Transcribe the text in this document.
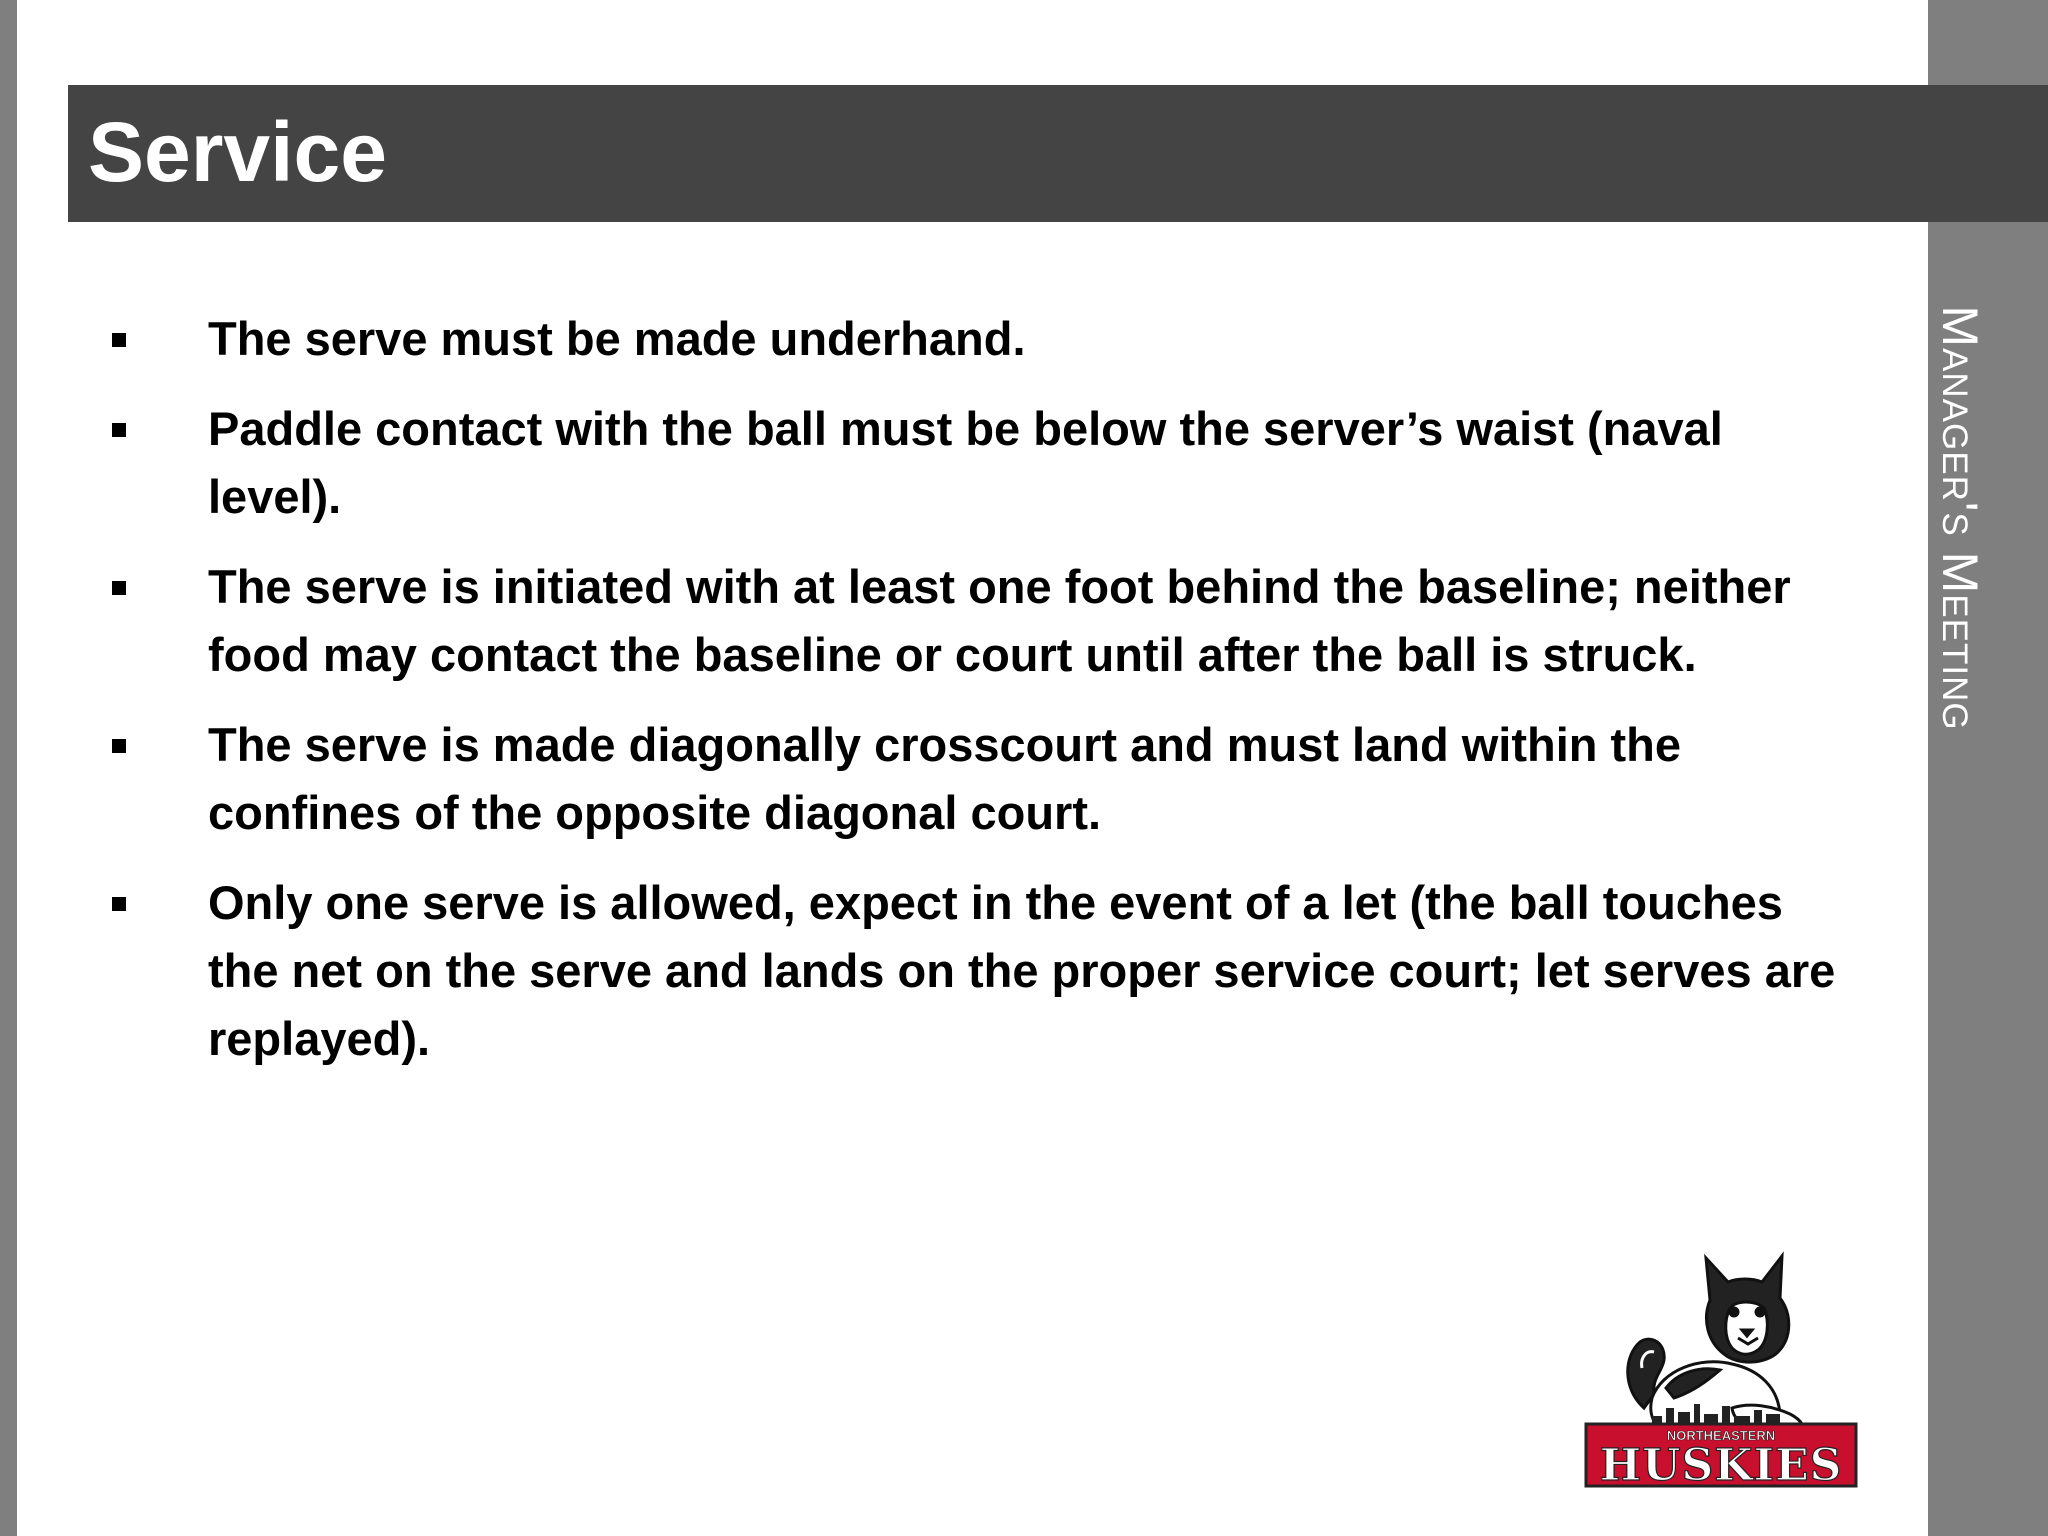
Service
Manager's Meeting
The serve must be made underhand.
Paddle contact with the ball must be below the server’s waist (naval level).
The serve is initiated with at least one foot behind the baseline; neither food may contact the baseline or court until after the ball is struck.
The serve is made diagonally crosscourt and must land within the confines of the opposite diagonal court.
Only one serve is allowed, expect in the event of a let (the ball touches the net on the serve and lands on the proper service court; let serves are replayed).
NORTHEASTERN
HUSKIES
